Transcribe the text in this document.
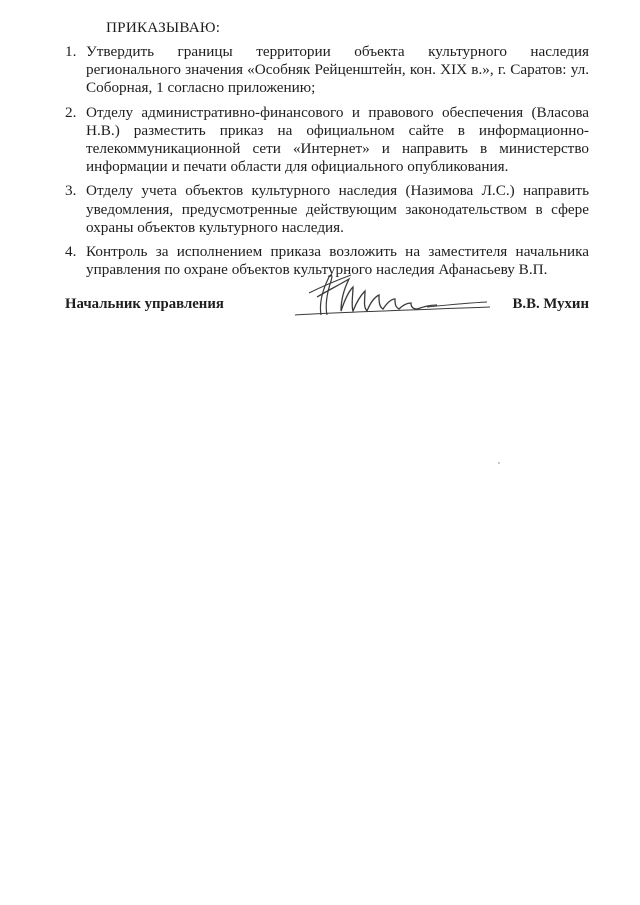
ПРИКАЗЫВАЮ:
1. Утвердить границы территории объекта культурного наследия регионального значения «Особняк Рейценштейн, кон. XIX в.», г. Саратов: ул. Соборная, 1 согласно приложению;
2. Отделу административно-финансового и правового обеспечения (Власова Н.В.) разместить приказ на официальном сайте в информационно-телекоммуникационной сети «Интернет» и направить в министерство информации и печати области для официального опубликования.
3. Отделу учета объектов культурного наследия (Назимова Л.С.) направить уведомления, предусмотренные действующим законодательством в сфере охраны объектов культурного наследия.
4. Контроль за исполнением приказа возложить на заместителя начальника управления по охране объектов культурного наследия Афанасьеву В.П.
Начальник управления	В.В. Мухин
